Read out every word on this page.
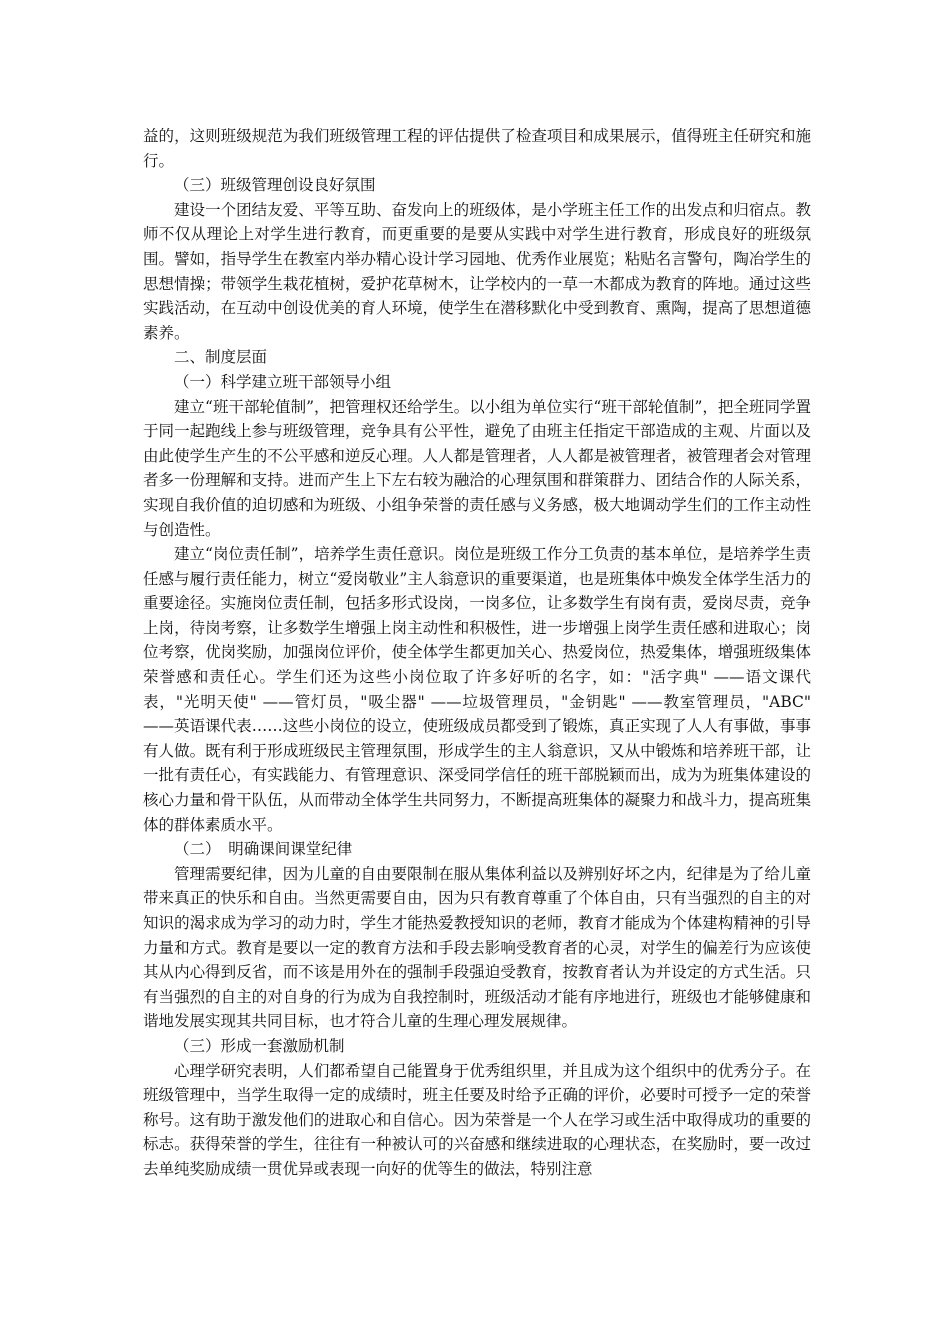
益的，这则班级规范为我们班级管理工程的评估提供了检查项目和成果展示，值得班主任研究和施行。

（三）班级管理创设良好氛围

建设一个团结友爱、平等互助、奋发向上的班级体，是小学班主任工作的出发点和归宿点。教师不仅从理论上对学生进行教育，而更重要的是要从实践中对学生进行教育，形成良好的班级氛围。譬如，指导学生在教室内举办精心设计学习园地、优秀作业展览；粘贴名言警句，陶冶学生的思想情操；带领学生栽花植树，爱护花草树木，让学校内的一草一木都成为教育的阵地。通过这些实践活动，在互动中创设优美的育人环境，使学生在潜移默化中受到教育、熏陶，提高了思想道德素养。

二、制度层面

（一）科学建立班干部领导小组

建立“班干部轮值制”，把管理权还给学生。以小组为单位实行“班干部轮值制”，把全班同学置于同一起跑线上参与班级管理，竞争具有公平性，避免了由班主任指定干部造成的主观、片面以及由此使学生产生的不公平感和逆反心理。人人都是管理者，人人都是被管理者，被管理者会对管理者多一份理解和支持。进而产生上下左右较为融洽的心理氛围和群策群力、团结合作的人际关系，实现自我价值的迫切感和为班级、小组争荣誉的责任感与义务感，极大地调动学生们的工作主动性与创造性。

建立“岗位责任制”，培养学生责任意识。岗位是班级工作分工负责的基本单位，是培养学生责任感与履行责任能力，树立“爱岗敬业”主人翁意识的重要渠道，也是班集体中焕发全体学生活力的重要途径。实施岗位责任制，包括多形式设岗，一岗多位，让多数学生有岗有责，爱岗尽责，竞争上岗，待岗考察，让多数学生增强上岗主动性和积极性，进一步增强上岗学生责任感和进取心；岗位考察，优岗奖励，加强岗位评价，使全体学生都更加关心、热爱岗位，热爱集体，增强班级集体荣誉感和责任心。学生们还为这些小岗位取了许多好听的名字，如："活字典" ——语文课代表，"光明天使" ——管灯员，"吸尘器" ——垃圾管理员，"金钥匙" ——教室管理员，"ABC" ——英语课代表……这些小岗位的设立，使班级成员都受到了锻炼，真正实现了人人有事做，事事有人做。既有利于形成班级民主管理氛围，形成学生的主人翁意识，又从中锻炼和培养班干部，让一批有责任心，有实践能力、有管理意识、深受同学信任的班干部脱颖而出，成为为班集体建设的核心力量和骨干队伍，从而带动全体学生共同努力，不断提高班集体的凝聚力和战斗力，提高班集体的群体素质水平。

（二）　明确课间课堂纪律

管理需要纪律，因为儿童的自由要限制在服从集体利益以及辨别好坏之内，纪律是为了给儿童带来真正的快乐和自由。当然更需要自由，因为只有教育尊重了个体自由，只有当强烈的自主的对知识的渴求成为学习的动力时，学生才能热爱教授知识的老师，教育才能成为个体建构精神的引导力量和方式。教育是要以一定的教育方法和手段去影响受教育者的心灵，对学生的偏差行为应该使其从内心得到反省，而不该是用外在的强制手段强迫受教育，按教育者认为并设定的方式生活。只有当强烈的自主的对自身的行为成为自我控制时，班级活动才能有序地进行，班级也才能够健康和谐地发展实现其共同目标，也才符合儿童的生理心理发展规律。

（三）形成一套激励机制

心理学研究表明，人们都希望自己能置身于优秀组织里，并且成为这个组织中的优秀分子。在班级管理中，当学生取得一定的成绩时，班主任要及时给予正确的评价，必要时可授予一定的荣誉称号。这有助于激发他们的进取心和自信心。因为荣誉是一个人在学习或生活中取得成功的重要的标志。获得荣誉的学生，往往有一种被认可的兴奋感和继续进取的心理状态，在奖励时，要一改过去单纯奖励成绩一贯优异或表现一向好的优等生的做法，特别注意
